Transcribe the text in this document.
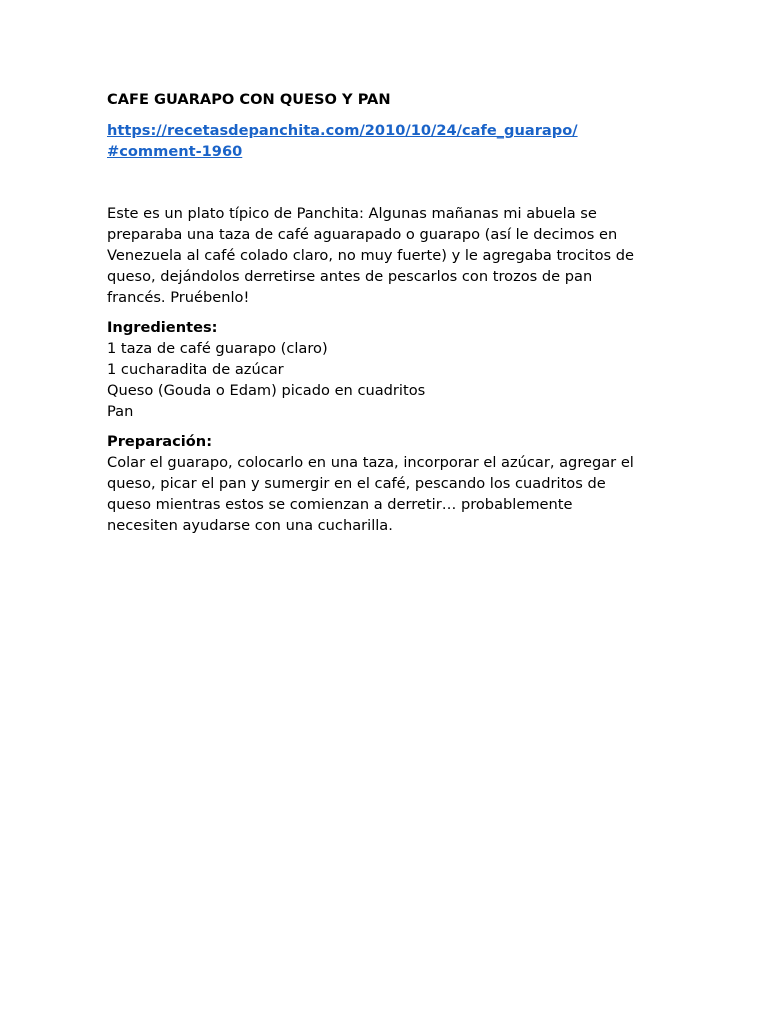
CAFE GUARAPO CON QUESO Y PAN

https://recetasdepanchita.com/2010/10/24/cafe_guarapo/
#comment-1960

Este es un plato típico de Panchita: Algunas mañanas mi abuela se
preparaba una taza de café aguarapado o guarapo (así le decimos en
Venezuela al café colado claro, no muy fuerte) y le agregaba trocitos de
queso, dejándolos derretirse antes de pescarlos con trozos de pan
francés. Pruébenlo!

Ingredientes:
1 taza de café guarapo (claro)
1 cucharadita de azúcar
Queso (Gouda o Edam) picado en cuadritos
Pan
Preparación:
Colar el guarapo, colocarlo en una taza, incorporar el azúcar, agregar el
queso, picar el pan y sumergir en el café, pescando los cuadritos de
queso mientras estos se comienzan a derretir… probablemente
necesiten ayudarse con una cucharilla.
